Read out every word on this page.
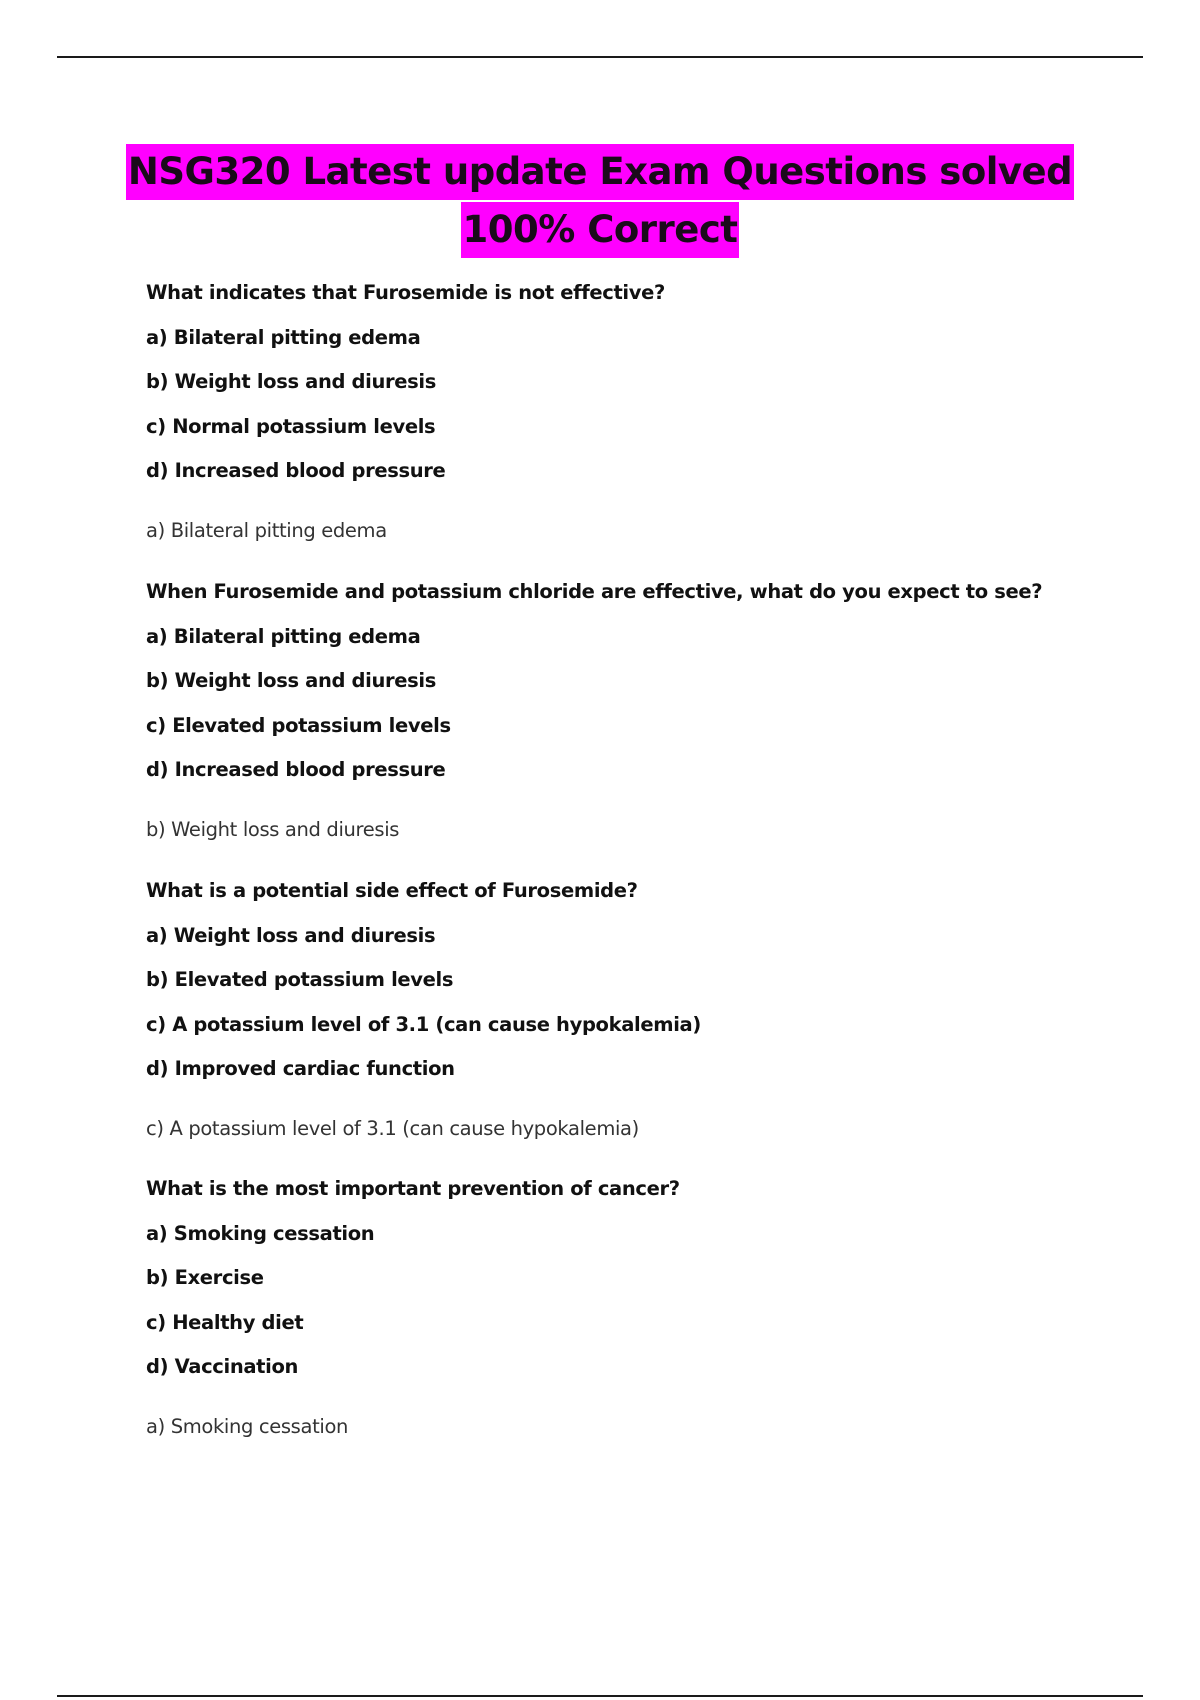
NSG320 Latest update Exam Questions solved
100% Correct
What indicates that Furosemide is not effective?
a) Bilateral pitting edema
b) Weight loss and diuresis
c) Normal potassium levels
d) Increased blood pressure
a) Bilateral pitting edema
When Furosemide and potassium chloride are effective, what do you expect to see?
a) Bilateral pitting edema
b) Weight loss and diuresis
c) Elevated potassium levels
d) Increased blood pressure
b) Weight loss and diuresis
What is a potential side effect of Furosemide?
a) Weight loss and diuresis
b) Elevated potassium levels
c) A potassium level of 3.1 (can cause hypokalemia)
d) Improved cardiac function
c) A potassium level of 3.1 (can cause hypokalemia)
What is the most important prevention of cancer?
a) Smoking cessation
b) Exercise
c) Healthy diet
d) Vaccination
a) Smoking cessation
